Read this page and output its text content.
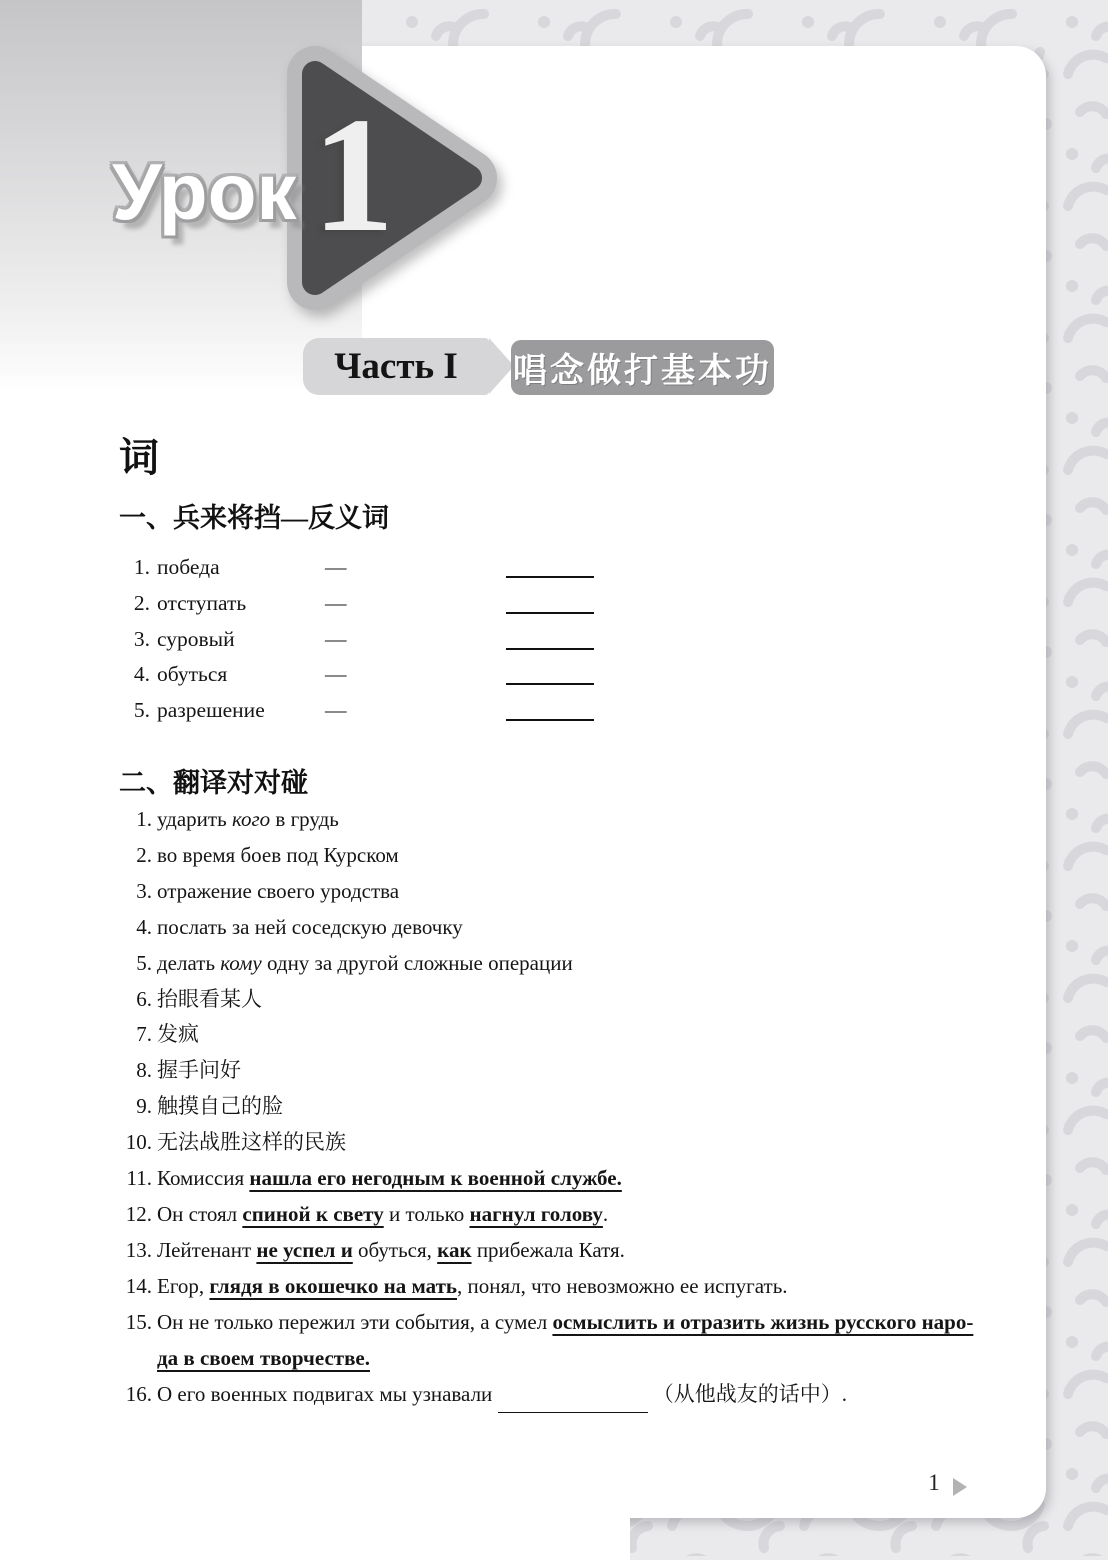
1
Урок
Часть I 唱念做打基本功
词
一、兵来将挡—反义词
1. победа	—
2. отступать	—
3. суровый	—
4. обуться	—
5. разрешение	—
二、翻译对对碰
1. ударить кого в грудь
2. во время боев под Курском
3. отражение своего уродства
4. послать за ней соседскую девочку
5. делать кому одну за другой сложные операции
6. 抬眼看某人
7. 发疯
8. 握手问好
9. 触摸自己的脸
10. 无法战胜这样的民族
11. Комиссия нашла его негодным к военной службе.
12. Он стоял спиной к свету и только нагнул голову.
13. Лейтенант не успел и обуться, как прибежала Катя.
14. Егор, глядя в окошечко на мать, понял, что невозможно ее испугать.
15. Он не только пережил эти события, а сумел осмыслить и отразить жизнь русского наро-
да в своем творчестве.
16. О его военных подвигах мы узнавали	（从他战友的话中）.
1
